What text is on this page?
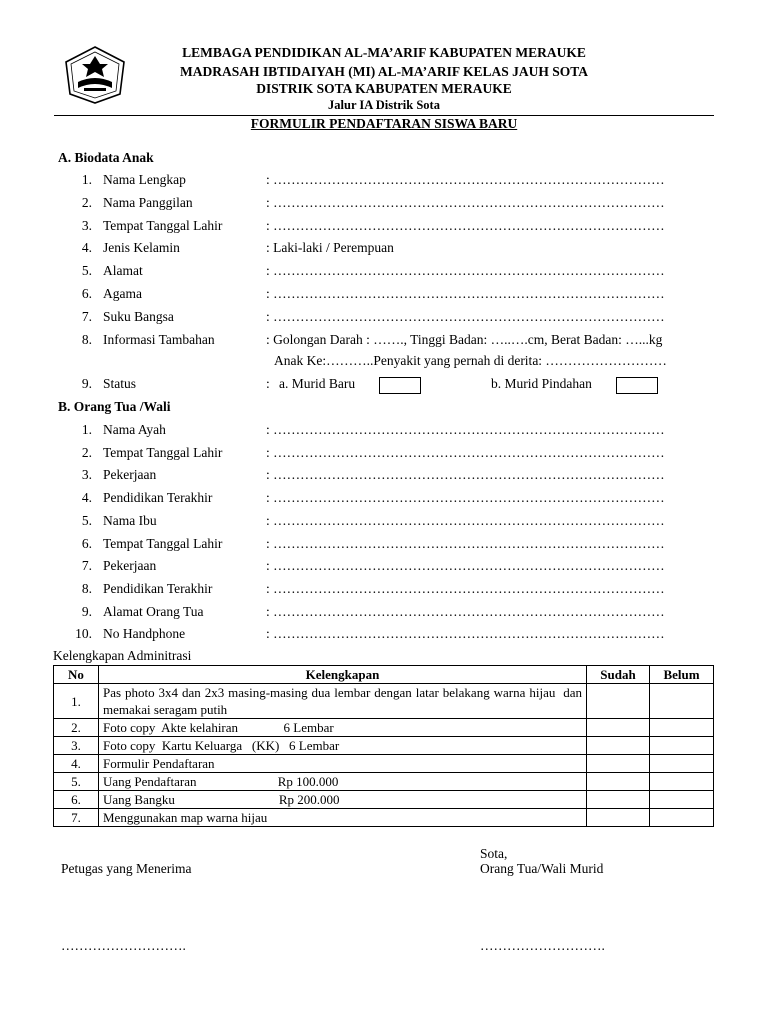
LEMBAGA PENDIDIKAN AL-MA’ARIF KABUPATEN MERAUKE
MADRASAH IBTIDAIYAH (MI) AL-MA’ARIF KELAS JAUH SOTA
DISTRIK SOTA KABUPATEN MERAUKE
Jalur IA Distrik Sota
FORMULIR PENDAFTARAN SISWA BARU
A. Biodata Anak
1. Nama Lengkap	: ……………………………………………………………………………
2. Nama Panggilan	: ……………………………………………………………………………
3. Tempat Tanggal Lahir	: ……………………………………………………………………………
4. Jenis Kelamin	: Laki-laki / Perempuan
5. Alamat	: ……………………………………………………………………………
6. Agama	: ……………………………………………………………………………
7. Suku Bangsa	: ……………………………………………………………………………
8. Informasi Tambahan	: Golongan Darah : ……., Tinggi Badan: …..….cm, Berat Badan: …...kg
Anak Ke:………..Penyakit yang pernah di derita: ………………………
9. Status	: a. Murid Baru	b. Murid Pindahan
B. Orang Tua /Wali
1. Nama Ayah	: ……………………………………………………………………………
2. Tempat Tanggal Lahir	: ……………………………………………………………………………
3. Pekerjaan	: ……………………………………………………………………………
4. Pendidikan Terakhir	: ……………………………………………………………………………
5. Nama Ibu	: ……………………………………………………………………………
6. Tempat Tanggal Lahir	: ……………………………………………………………………………
7. Pekerjaan	: ……………………………………………………………………………
8. Pendidikan Terakhir	: ……………………………………………………………………………
9. Alamat Orang Tua	: ……………………………………………………………………………
10. No Handphone	: ……………………………………………………………………………
Kelengkapan Adminitrasi
No	Kelengkapan	Sudah	Belum
1.	Pas photo 3x4 dan 2x3 masing-masing dua lembar dengan latar belakang warna hijau  dan memakai seragam putih		
2.	Foto copy  Akte kelahiran              6 Lembar		
3.	Foto copy  Kartu Keluarga   (KK)   6 Lembar		
4.	Formulir Pendaftaran		
5.	Uang Pendaftaran                         Rp 100.000		
6.	Uang Bangku                                Rp 200.000		
7.	Menggunakan map warna hijau		
Sota,
Petugas yang Menerima	Orang Tua/Wali Murid
……………………….	……………………….
